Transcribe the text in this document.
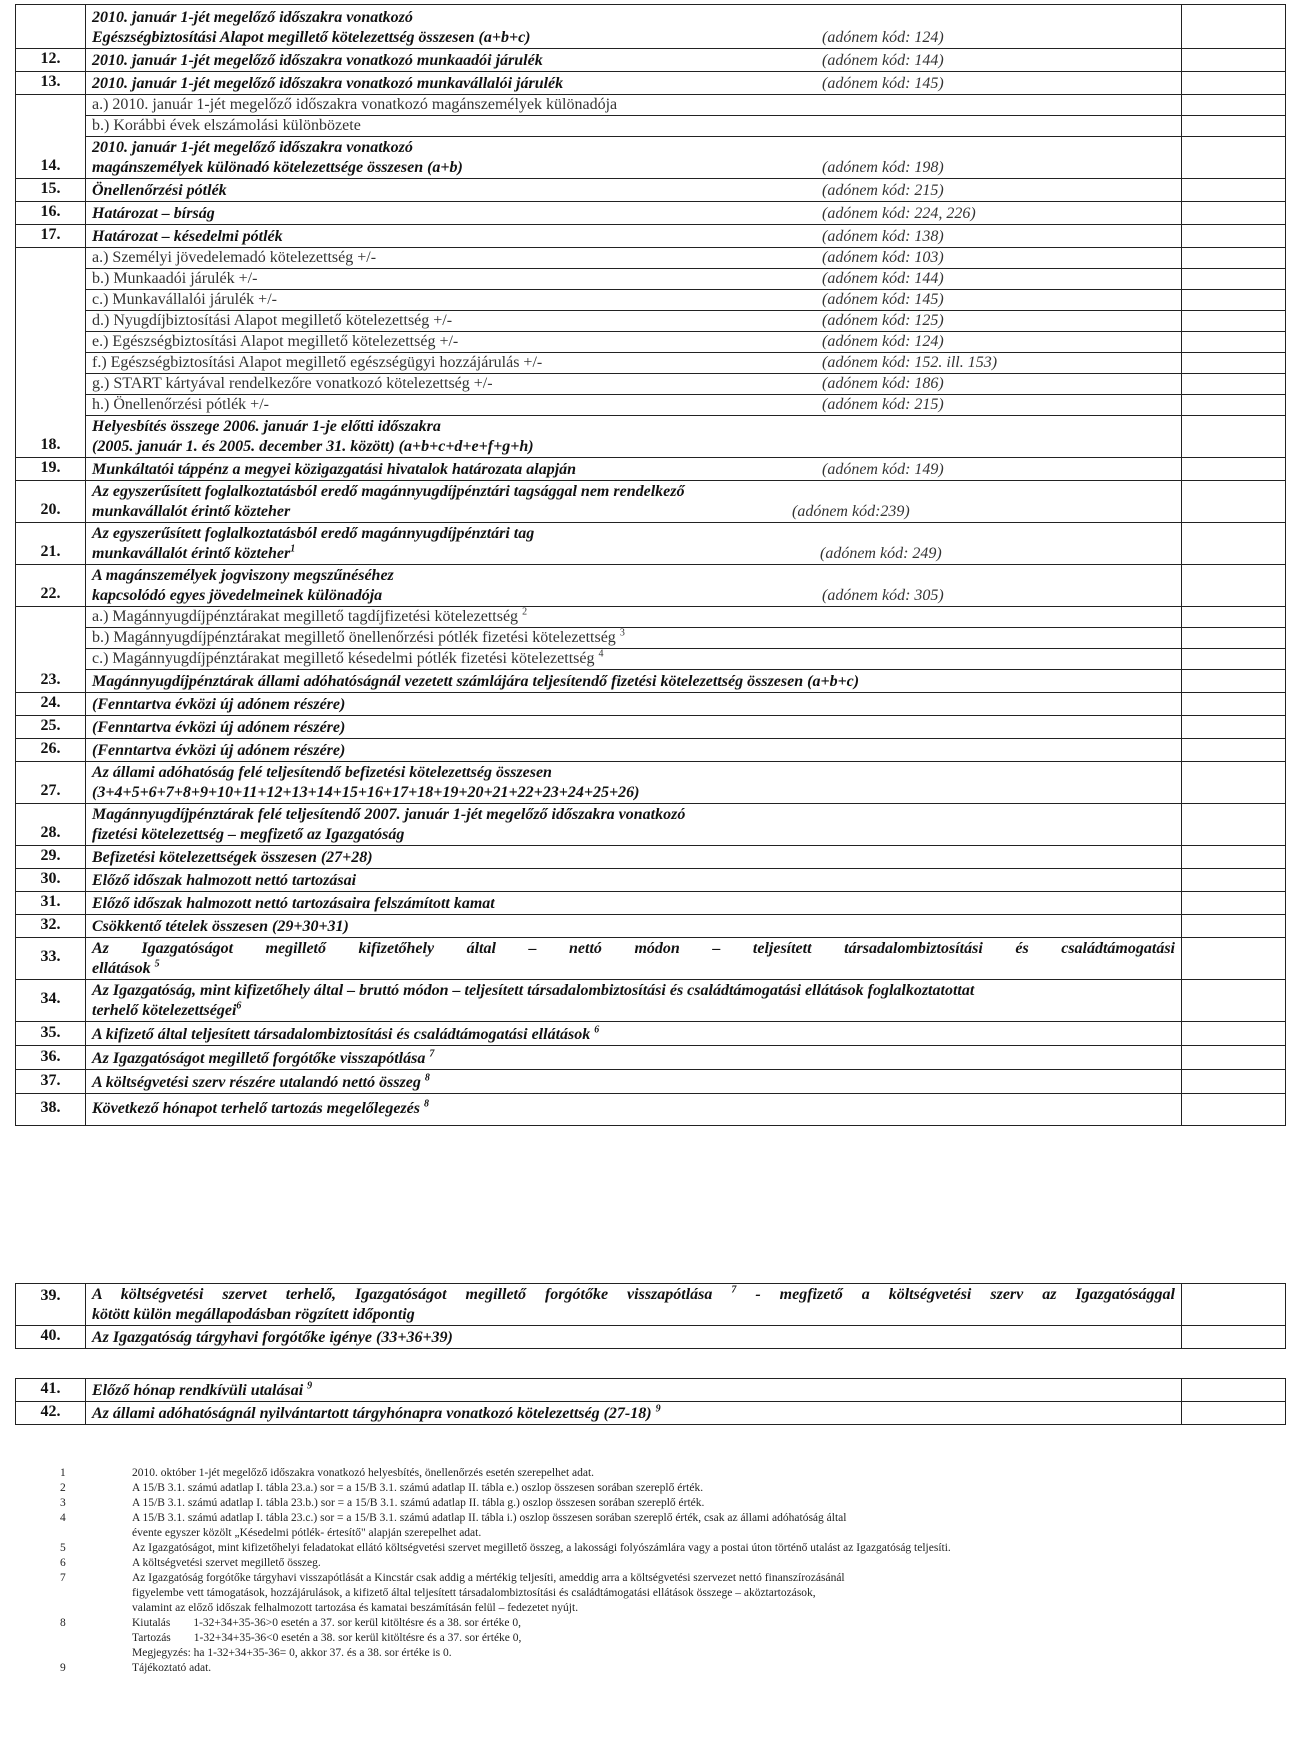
	2010. január 1-jét megelőző időszakra vonatkozó
Egészségbiztosítási Alapot megillető kötelezettség összesen (a+b+c) (adónem kód: 124)	

12.	2010. január 1-jét megelőző időszakra vonatkozó munkaadói járulék (adónem kód: 144)	

13.	2010. január 1-jét megelőző időszakra vonatkozó munkavállalói járulék (adónem kód: 145)	

	a.) 2010. január 1-jét megelőző időszakra vonatkozó magánszemélyek különadója	
	b.) Korábbi évek elszámolási különbözete	
14.	2010. január 1-jét megelőző időszakra vonatkozó
magánszemélyek különadó kötelezettsége összesen (a+b) (adónem kód: 198)	

15.	Önellenőrzési pótlék (adónem kód: 215)	

16.	Határozat – bírság (adónem kód: 224, 226)	

17.	Határozat – késedelmi pótlék (adónem kód: 138)	

	a.) Személyi jövedelemadó kötelezettség +/- (adónem kód: 103)	

	b.) Munkaadói járulék +/- (adónem kód: 144)	

	c.) Munkavállalói járulék +/- (adónem kód: 145)	

	d.) Nyugdíjbiztosítási Alapot megillető kötelezettség +/- (adónem kód: 125)	

	e.) Egészségbiztosítási Alapot megillető kötelezettség +/- (adónem kód: 124)	

	f.) Egészségbiztosítási Alapot megillető egészségügyi hozzájárulás +/- (adónem kód: 152. ill. 153)	

	g.) START kártyával rendelkezőre vonatkozó kötelezettség +/- (adónem kód: 186)	

	h.) Önellenőrzési pótlék +/- (adónem kód: 215)	

18.	Helyesbítés összege 2006. január 1-je előtti időszakra
(2005. január 1. és 2005. december 31. között) (a+b+c+d+e+f+g+h)	

19.	Munkáltatói táppénz a megyei közigazgatási hivatalok határozata alapján (adónem kód: 149)	

20.	Az egyszerűsített foglalkoztatásból eredő magánnyugdíjpénztári tagsággal nem rendelkező
munkavállalót érintő közteher (adónem kód:239)	

21.	Az egyszerűsített foglalkoztatásból eredő magánnyugdíjpénztári tag
munkavállalót érintő közteher$^1$ (adónem kód: 249)	

22.	A magánszemélyek jogviszony megszűnéséhez
kapcsolódó egyes jövedelmeinek különadója (adónem kód: 305)	

	a.) Magánnyugdíjpénztárakat megillető tagdíjfizetési kötelezettség $^2$

	b.) Magánnyugdíjpénztárakat megillető önellenőrzési pótlék fizetési kötelezettség $^3$

	c.) Magánnyugdíjpénztárakat megillető késedelmi pótlék fizetési kötelezettség $^4$

23.	Magánnyugdíjpénztárak állami adóhatóságnál vezetett számlájára teljesítendő fizetési kötelezettség összesen (a+b+c)	

24.	(Fenntartva évközi új adónem részére)	
25.	(Fenntartva évközi új adónem részére)	
26.	(Fenntartva évközi új adónem részére)	
27.	Az állami adóhatóság felé teljesítendő befizetési kötelezettség összesen
(3+4+5+6+7+8+9+10+11+12+13+14+15+16+17+18+19+20+21+22+23+24+25+26)	

28.	Magánnyugdíjpénztárak felé teljesítendő 2007. január 1-jét megelőző időszakra vonatkozó
fizetési kötelezettség – megfizető az Igazgatóság	

29.	Befizetési kötelezettségek összesen (27+28)	
30.	Előző időszak halmozott nettó tartozásai	
31.	Előző időszak halmozott nettó tartozásaira felszámított kamat	
32.	Csökkentő tételek összesen (29+30+31)	
33.	Az Igazgatóságot megillető kifizetőhely által – nettó módon – teljesített társadalombiztosítási és családtámogatási
ellátások $^5$

34.	Az Igazgatóság, mint kifizetőhely által – bruttó módon – teljesített társadalombiztosítási és családtámogatási ellátások foglalkoztatottat
terhelő kötelezettségei$^6$

35.	A kifizető által teljesített társadalombiztosítási és családtámogatási ellátások $^6$

36.	Az Igazgatóságot megillető forgótőke visszapótlása $^7$

37.	A költségvetési szerv részére utalandó nettó összeg $^8$

38.	Következő hónapot terhelő tartozás megelőlegezés $^8$

39.	A költségvetési szervet terhelő, Igazgatóságot megillető forgótőke visszapótlása $^7$ - megfizető a költségvetési szerv az Igazgatósággal
kötött külön megállapodásban rögzített időpontig	

40.	Az Igazgatóság tárgyhavi forgótőke igénye (33+36+39)	
41.	Előző hónap rendkívüli utalásai $^9$

42.	Az állami adóhatóságnál nyilvántartott tárgyhónapra vonatkozó kötelezettség (27-18) $^9$

1	2010. október 1-jét megelőző időszakra vonatkozó helyesbítés, önellenőrzés esetén szerepelhet adat.
2	A 15/B 3.1. számú adatlap I. tábla 23.a.) sor = a 15/B 3.1. számú adatlap II. tábla e.) oszlop összesen sorában szereplő érték.
3	A 15/B 3.1. számú adatlap I. tábla 23.b.) sor = a 15/B 3.1. számú adatlap II. tábla g.) oszlop összesen sorában szereplő érték.
4	A 15/B 3.1. számú adatlap I. tábla 23.c.) sor = a 15/B 3.1. számú adatlap II. tábla i.) oszlop összesen sorában szereplő érték, csak az állami adóhatóság által
évente egyszer közölt „Késedelmi pótlék- értesítő" alapján szerepelhet adat.
5	Az Igazgatóságot, mint kifizetőhelyi feladatokat ellátó költségvetési szervet megillető összeg, a lakossági folyószámlára vagy a postai úton történő utalást az Igazgatóság teljesíti.
6	A költségvetési szervet megillető összeg.
7	Az Igazgatóság forgótőke tárgyhavi visszapótlását a Kincstár csak addig a mértékig teljesíti, ameddig arra a költségvetési szervezet nettó finanszírozásánál
figyelembe vett támogatások, hozzájárulások, a kifizető által teljesített társadalombiztosítási és családtámogatási ellátások összege – aköztartozások,
valamint az előző időszak felhalmozott tartozása és kamatai beszámításán felül – fedezetet nyújt.
8	Kiutalás        1-32+34+35-36>0 esetén a 37. sor kerül kitöltésre és a 38. sor értéke 0,
Tartozás        1-32+34+35-36<0 esetén a 38. sor kerül kitöltésre és a 37. sor értéke 0,
Megjegyzés: ha 1-32+34+35-36= 0, akkor 37. és a 38. sor értéke is 0.
9	Tájékoztató adat.
